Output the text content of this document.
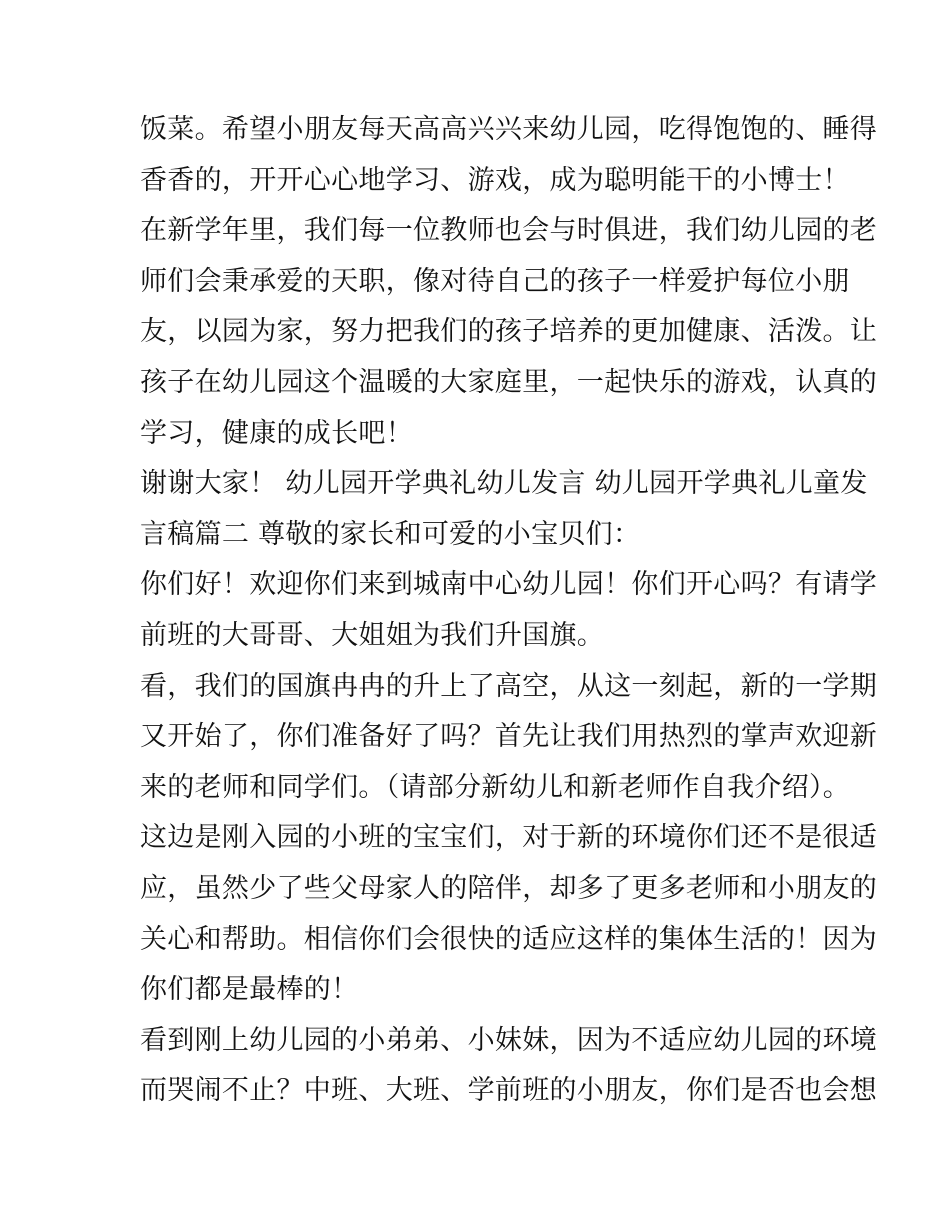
饭菜。希望小朋友每天高高兴兴来幼儿园，吃得饱饱的、睡得
香香的，开开心心地学习、游戏，成为聪明能干的小博士！
在新学年里，我们每一位教师也会与时俱进，我们幼儿园的老
师们会秉承爱的天职，像对待自己的孩子一样爱护每位小朋
友，以园为家，努力把我们的孩子培养的更加健康、活泼。让
孩子在幼儿园这个温暖的大家庭里，一起快乐的游戏，认真的
学习，健康的成长吧！
谢谢大家！ 幼儿园开学典礼幼儿发言 幼儿园开学典礼儿童发
言稿篇二 尊敬的家长和可爱的小宝贝们：
你们好！欢迎你们来到城南中心幼儿园！你们开心吗？有请学
前班的大哥哥、大姐姐为我们升国旗。
看，我们的国旗冉冉的升上了高空，从这一刻起，新的一学期
又开始了，你们准备好了吗？首先让我们用热烈的掌声欢迎新
来的老师和同学们。（请部分新幼儿和新老师作自我介绍）。
这边是刚入园的小班的宝宝们，对于新的环境你们还不是很适
应，虽然少了些父母家人的陪伴，却多了更多老师和小朋友的
关心和帮助。相信你们会很快的适应这样的集体生活的！因为
你们都是最棒的！
看到刚上幼儿园的小弟弟、小妹妹，因为不适应幼儿园的环境
而哭闹不止？中班、大班、学前班的小朋友，你们是否也会想
